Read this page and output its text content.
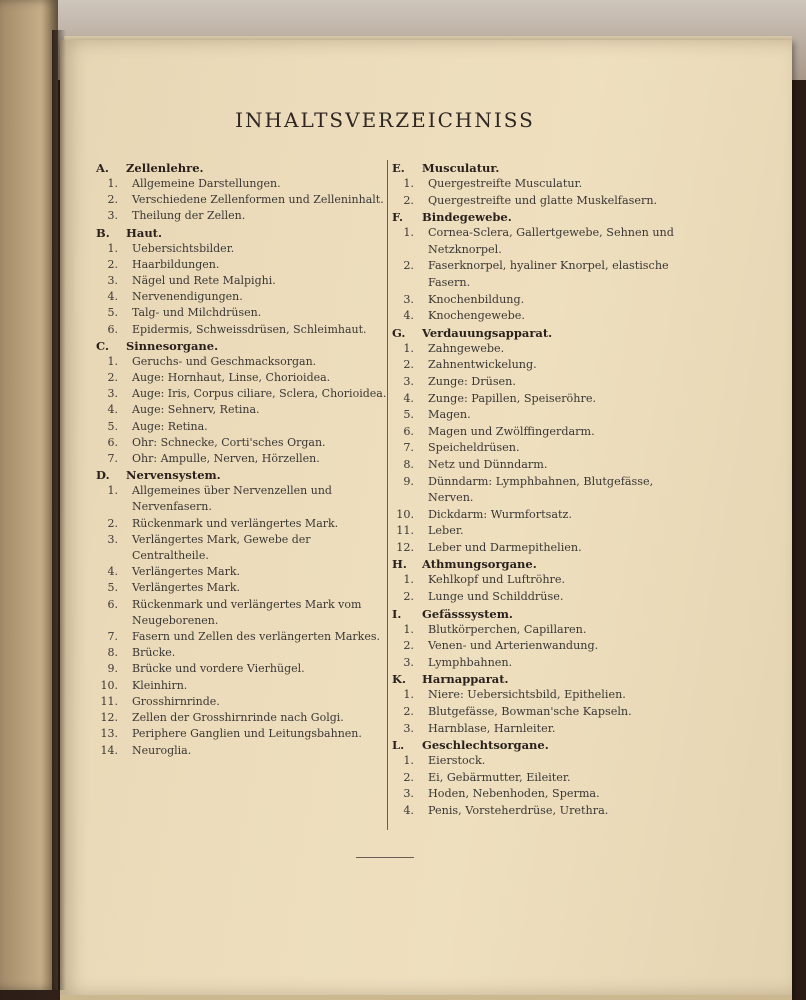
INHALTSVERZEICHNISS
A. Zellenlehre.
1.	Allgemeine Darstellungen.
2.	Verschiedene Zellenformen und Zelleninhalt.
3.	Theilung der Zellen.
B. Haut.
1.	Uebersichtsbilder.
2.	Haarbildungen.
3.	Nägel und Rete Malpighi.
4.	Nervenendigungen.
5.	Talg- und Milchdrüsen.
6.	Epidermis, Schweissdrüsen, Schleimhaut.
C. Sinnesorgane.
1.	Geruchs- und Geschmacksorgan.
2.	Auge: Hornhaut, Linse, Chorioidea.
3.	Auge: Iris, Corpus ciliare, Sclera, Chorioidea.
4.	Auge: Sehnerv, Retina.
5.	Auge: Retina.
6.	Ohr: Schnecke, Corti'sches Organ.
7.	Ohr: Ampulle, Nerven, Hörzellen.
D. Nervensystem.
1.	Allgemeines über Nervenzellen und Nervenfasern.
2.	Rückenmark und verlängertes Mark.
3.	Verlängertes Mark, Gewebe der Centraltheile.
4.	Verlängertes Mark.
5.	Verlängertes Mark.
6.	Rückenmark und verlängertes Mark vom Neugeborenen.
7.	Fasern und Zellen des verlängerten Markes.
8.	Brücke.
9.	Brücke und vordere Vierhügel.
10.	Kleinhirn.
11.	Grosshirnrinde.
12.	Zellen der Grosshirnrinde nach Golgi.
13.	Periphere Ganglien und Leitungsbahnen.
14.	Neuroglia.
E. Musculatur.
1.	Quergestreifte Musculatur.
2.	Quergestreifte und glatte Muskelfasern.
F. Bindegewebe.
1.	Cornea-Sclera, Gallertgewebe, Sehnen und Netzknorpel.
2.	Faserknorpel, hyaliner Knorpel, elastische Fasern.
3.	Knochenbildung.
4.	Knochengewebe.
G. Verdauungsapparat.
1.	Zahngewebe.
2.	Zahnentwickelung.
3.	Zunge: Drüsen.
4.	Zunge: Papillen, Speiseröhre.
5.	Magen.
6.	Magen und Zwölffingerdarm.
7.	Speicheldrüsen.
8.	Netz und Dünndarm.
9.	Dünndarm: Lymphbahnen, Blutgefässe, Nerven.
10.	Dickdarm: Wurmfortsatz.
11.	Leber.
12.	Leber und Darmepithelien.
H. Athmungsorgane.
1.	Kehlkopf und Luftröhre.
2.	Lunge und Schilddrüse.
I. Gefässsystem.
1.	Blutkörperchen, Capillaren.
2.	Venen- und Arterienwandung.
3.	Lymphbahnen.
K. Harnapparat.
1.	Niere: Uebersichtsbild, Epithelien.
2.	Blutgefässe, Bowman'sche Kapseln.
3.	Harnblase, Harnleiter.
L. Geschlechtsorgane.
1.	Eierstock.
2.	Ei, Gebärmutter, Eileiter.
3.	Hoden, Nebenhoden, Sperma.
4.	Penis, Vorsteherdrüse, Urethra.
